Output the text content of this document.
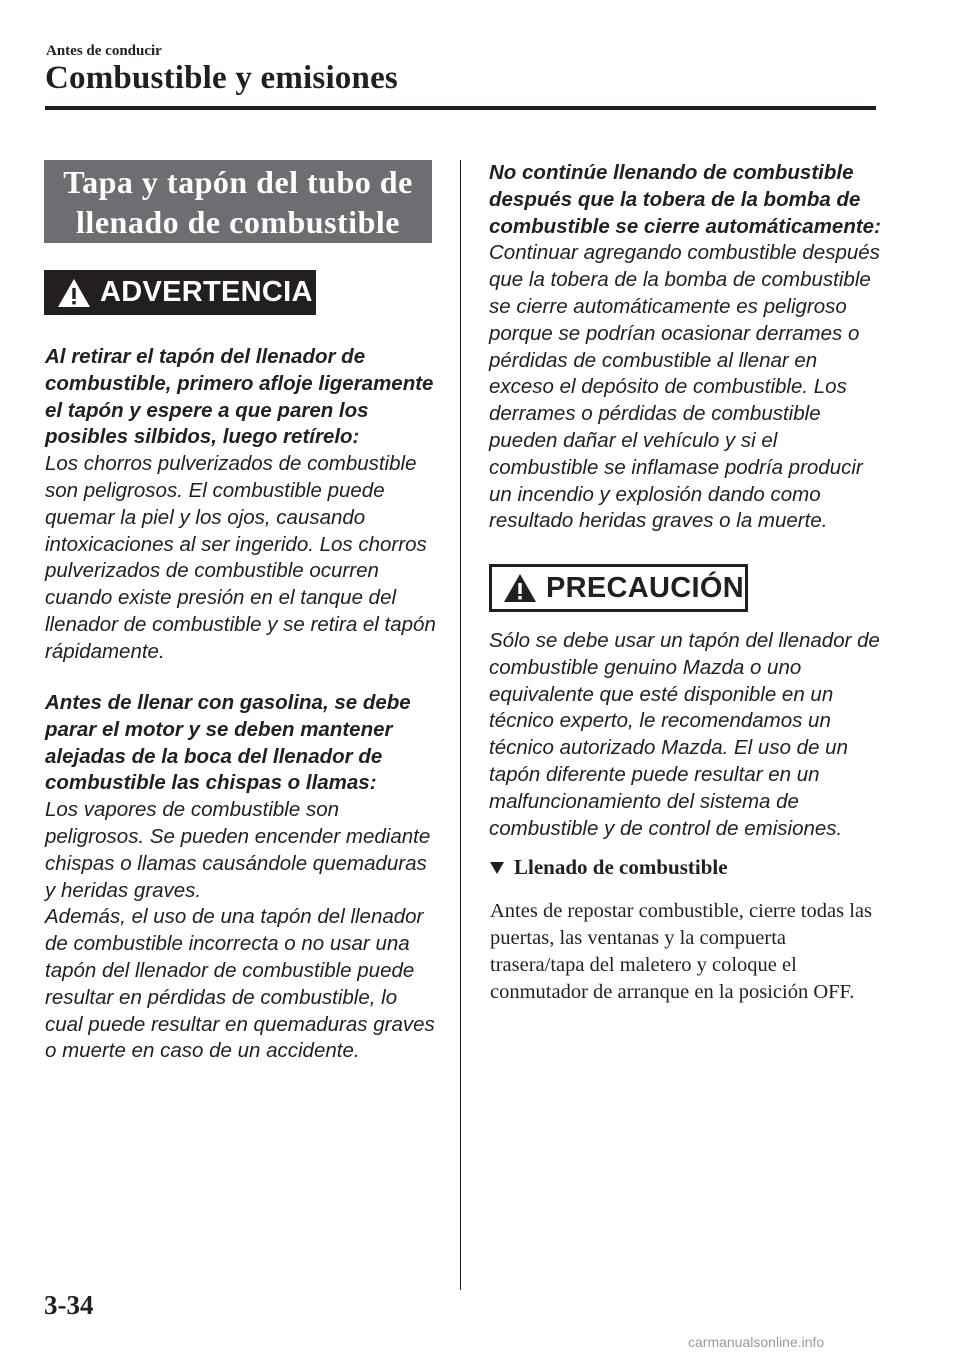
Antes de conducir
Combustible y emisiones
Tapa y tapón del tubo de
llenado de combustible
ADVERTENCIA
Al retirar el tapón del llenador de combustible, primero afloje ligeramente el tapón y espere a que paren los posibles silbidos, luego retírelo:
Los chorros pulverizados de combustible son peligrosos. El combustible puede quemar la piel y los ojos, causando intoxicaciones al ser ingerido. Los chorros pulverizados de combustible ocurren cuando existe presión en el tanque del llenador de combustible y se retira el tapón rápidamente.
Antes de llenar con gasolina, se debe parar el motor y se deben mantener alejadas de la boca del llenador de combustible las chispas o llamas:
Los vapores de combustible son peligrosos. Se pueden encender mediante chispas o llamas causándole quemaduras y heridas graves.
Además, el uso de una tapón del llenador de combustible incorrecta o no usar una tapón del llenador de combustible puede resultar en pérdidas de combustible, lo cual puede resultar en quemaduras graves o muerte en caso de un accidente.
No continúe llenando de combustible después que la tobera de la bomba de combustible se cierre automáticamente:
Continuar agregando combustible después que la tobera de la bomba de combustible se cierre automáticamente es peligroso porque se podrían ocasionar derrames o pérdidas de combustible al llenar en exceso el depósito de combustible. Los derrames o pérdidas de combustible pueden dañar el vehículo y si el combustible se inflamase podría producir un incendio y explosión dando como resultado heridas graves o la muerte.
PRECAUCIÓN
Sólo se debe usar un tapón del llenador de combustible genuino Mazda o uno equivalente que esté disponible en un técnico experto, le recomendamos un técnico autorizado Mazda. El uso de un tapón diferente puede resultar en un malfuncionamiento del sistema de combustible y de control de emisiones.
Llenado de combustible
Antes de repostar combustible, cierre todas las puertas, las ventanas y la compuerta trasera/tapa del maletero y coloque el conmutador de arranque en la posición OFF.
3-34
carmanualsonline.info
